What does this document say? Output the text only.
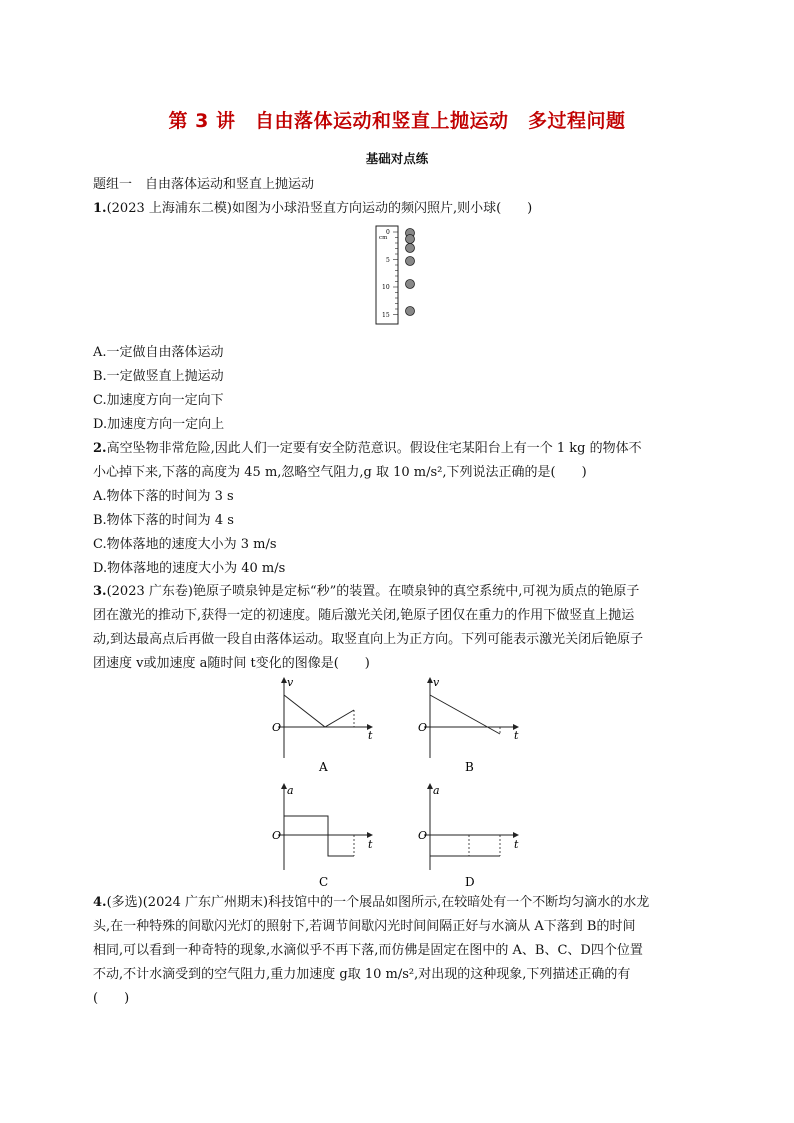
第 3 讲　自由落体运动和竖直上抛运动　多过程问题
基础对点练
题组一　自由落体运动和竖直上抛运动
1.(2023 上海浦东二模)如图为小球沿竖直方向运动的频闪照片,则小球(　　)
cm
0
5
10
15
A.一定做自由落体运动
B.一定做竖直上抛运动
C.加速度方向一定向下
D.加速度方向一定向上
2.高空坠物非常危险,因此人们一定要有安全防范意识。假设住宅某阳台上有一个 1 kg 的物体不
小心掉下来,下落的高度为 45 m,忽略空气阻力,g 取 10 m/s²,下列说法正确的是(　　)
A.物体下落的时间为 3 s
B.物体下落的时间为 4 s
C.物体落地的速度大小为 3 m/s
D.物体落地的速度大小为 40 m/s
3.(2023 广东卷)铯原子喷泉钟是定标“秒”的装置。在喷泉钟的真空系统中,可视为质点的铯原子
团在激光的推动下,获得一定的初速度。随后激光关闭,铯原子团仅在重力的作用下做竖直上抛运
动,到达最高点后再做一段自由落体运动。取竖直向上为正方向。下列可能表示激光关闭后铯原子
团速度 v或加速度 a随时间 t变化的图像是(　　)
v
t
O
A
v
t
O
B
a
t
O
C
a
t
O
D
4.(多选)(2024 广东广州期末)科技馆中的一个展品如图所示,在较暗处有一个不断均匀滴水的水龙
头,在一种特殊的间歇闪光灯的照射下,若调节间歇闪光时间间隔正好与水滴从 A下落到 B的时间
相同,可以看到一种奇特的现象,水滴似乎不再下落,而仿佛是固定在图中的 A、B、C、D四个位置
不动,不计水滴受到的空气阻力,重力加速度 g取 10 m/s²,对出现的这种现象,下列描述正确的有
(　　)
